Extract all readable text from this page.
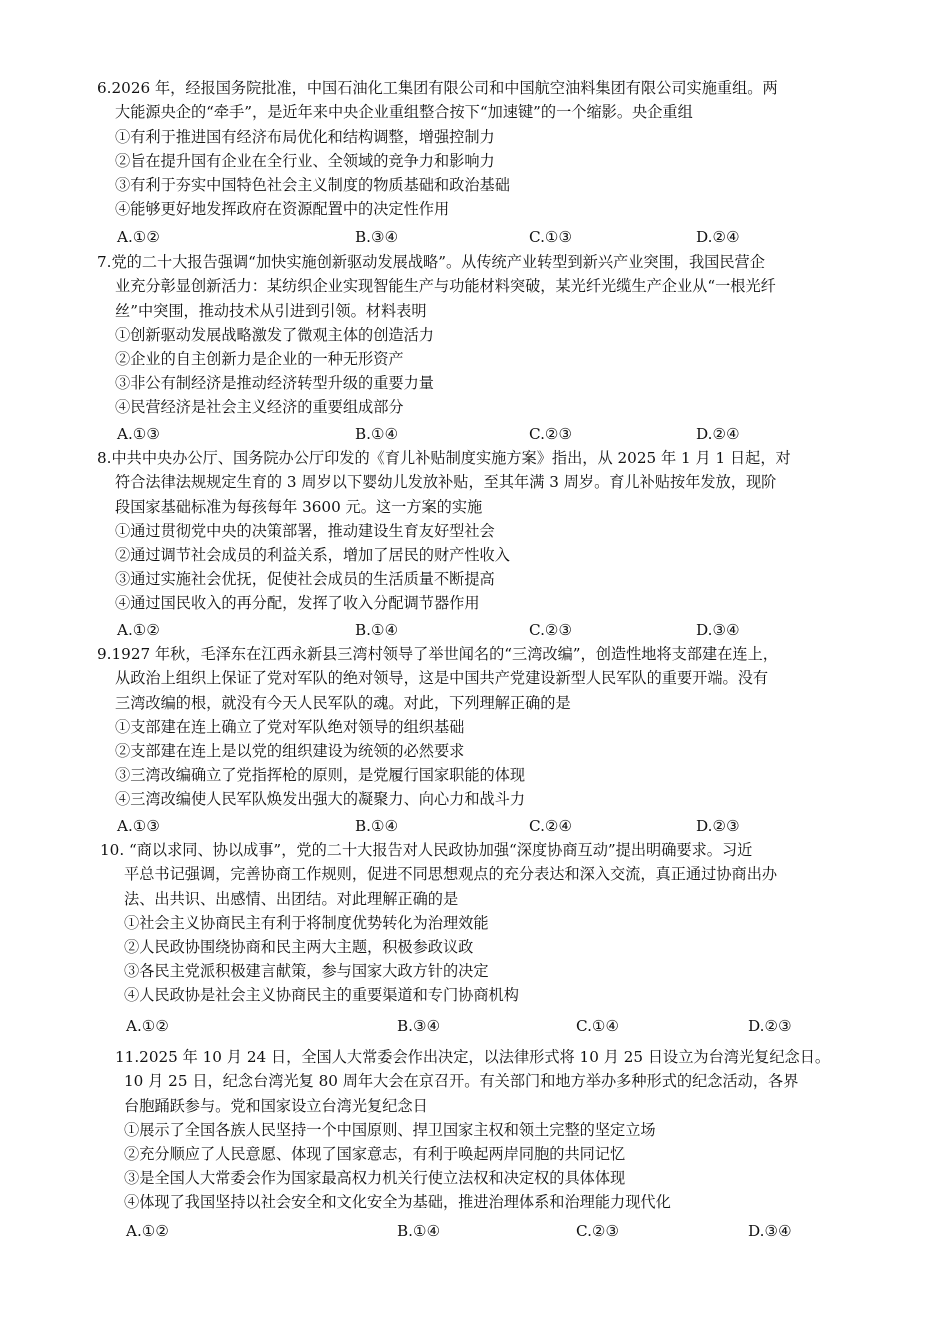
6.2026 年，经报国务院批准，中国石油化工集团有限公司和中国航空油料集团有限公司实施重组。两
大能源央企的“牵手”，是近年来中央企业重组整合按下“加速键”的一个缩影。央企重组
①有利于推进国有经济布局优化和结构调整，增强控制力
②旨在提升国有企业在全行业、全领域的竞争力和影响力
③有利于夯实中国特色社会主义制度的物质基础和政治基础
④能够更好地发挥政府在资源配置中的决定性作用
A.①②	B.③④	C.①③	D.②④
7.党的二十大报告强调“加快实施创新驱动发展战略”。从传统产业转型到新兴产业突围，我国民营企
业充分彰显创新活力：某纺织企业实现智能生产与功能材料突破，某光纤光缆生产企业从“一根光纤
丝”中突围，推动技术从引进到引领。材料表明
①创新驱动发展战略激发了微观主体的创造活力
②企业的自主创新力是企业的一种无形资产
③非公有制经济是推动经济转型升级的重要力量
④民营经济是社会主义经济的重要组成部分
A.①③	B.①④	C.②③	D.②④
8.中共中央办公厅、国务院办公厅印发的《育儿补贴制度实施方案》指出，从 2025 年 1 月 1 日起，对
符合法律法规规定生育的 3 周岁以下婴幼儿发放补贴，至其年满 3 周岁。育儿补贴按年发放，现阶
段国家基础标准为每孩每年 3600 元。这一方案的实施
①通过贯彻党中央的决策部署，推动建设生育友好型社会
②通过调节社会成员的利益关系，增加了居民的财产性收入
③通过实施社会优抚，促使社会成员的生活质量不断提高
④通过国民收入的再分配，发挥了收入分配调节器作用
A.①②	B.①④	C.②③	D.③④
9.1927 年秋，毛泽东在江西永新县三湾村领导了举世闻名的“三湾改编”，创造性地将支部建在连上，
从政治上组织上保证了党对军队的绝对领导，这是中国共产党建设新型人民军队的重要开端。没有
三湾改编的根，就没有今天人民军队的魂。对此，下列理解正确的是
①支部建在连上确立了党对军队绝对领导的组织基础
②支部建在连上是以党的组织建设为统领的必然要求
③三湾改编确立了党指挥枪的原则，是党履行国家职能的体现
④三湾改编使人民军队焕发出强大的凝聚力、向心力和战斗力
A.①③	B.①④	C.②④	D.②③
10. “商以求同、协以成事”，党的二十大报告对人民政协加强“深度协商互动”提出明确要求。习近
平总书记强调，完善协商工作规则，促进不同思想观点的充分表达和深入交流，真正通过协商出办
法、出共识、出感情、出团结。对此理解正确的是
①社会主义协商民主有利于将制度优势转化为治理效能
②人民政协围绕协商和民主两大主题，积极参政议政
③各民主党派积极建言献策，参与国家大政方针的决定
④人民政协是社会主义协商民主的重要渠道和专门协商机构
A.①②	B.③④	C.①④	D.②③
11.2025 年 10 月 24 日，全国人大常委会作出决定，以法律形式将 10 月 25 日设立为台湾光复纪念日。
10 月 25 日，纪念台湾光复 80 周年大会在京召开。有关部门和地方举办多种形式的纪念活动，各界
台胞踊跃参与。党和国家设立台湾光复纪念日
①展示了全国各族人民坚持一个中国原则、捍卫国家主权和领土完整的坚定立场
②充分顺应了人民意愿、体现了国家意志，有利于唤起两岸同胞的共同记忆
③是全国人大常委会作为国家最高权力机关行使立法权和决定权的具体体现
④体现了我国坚持以社会安全和文化安全为基础，推进治理体系和治理能力现代化
A.①②	B.①④	C.②③	D.③④
